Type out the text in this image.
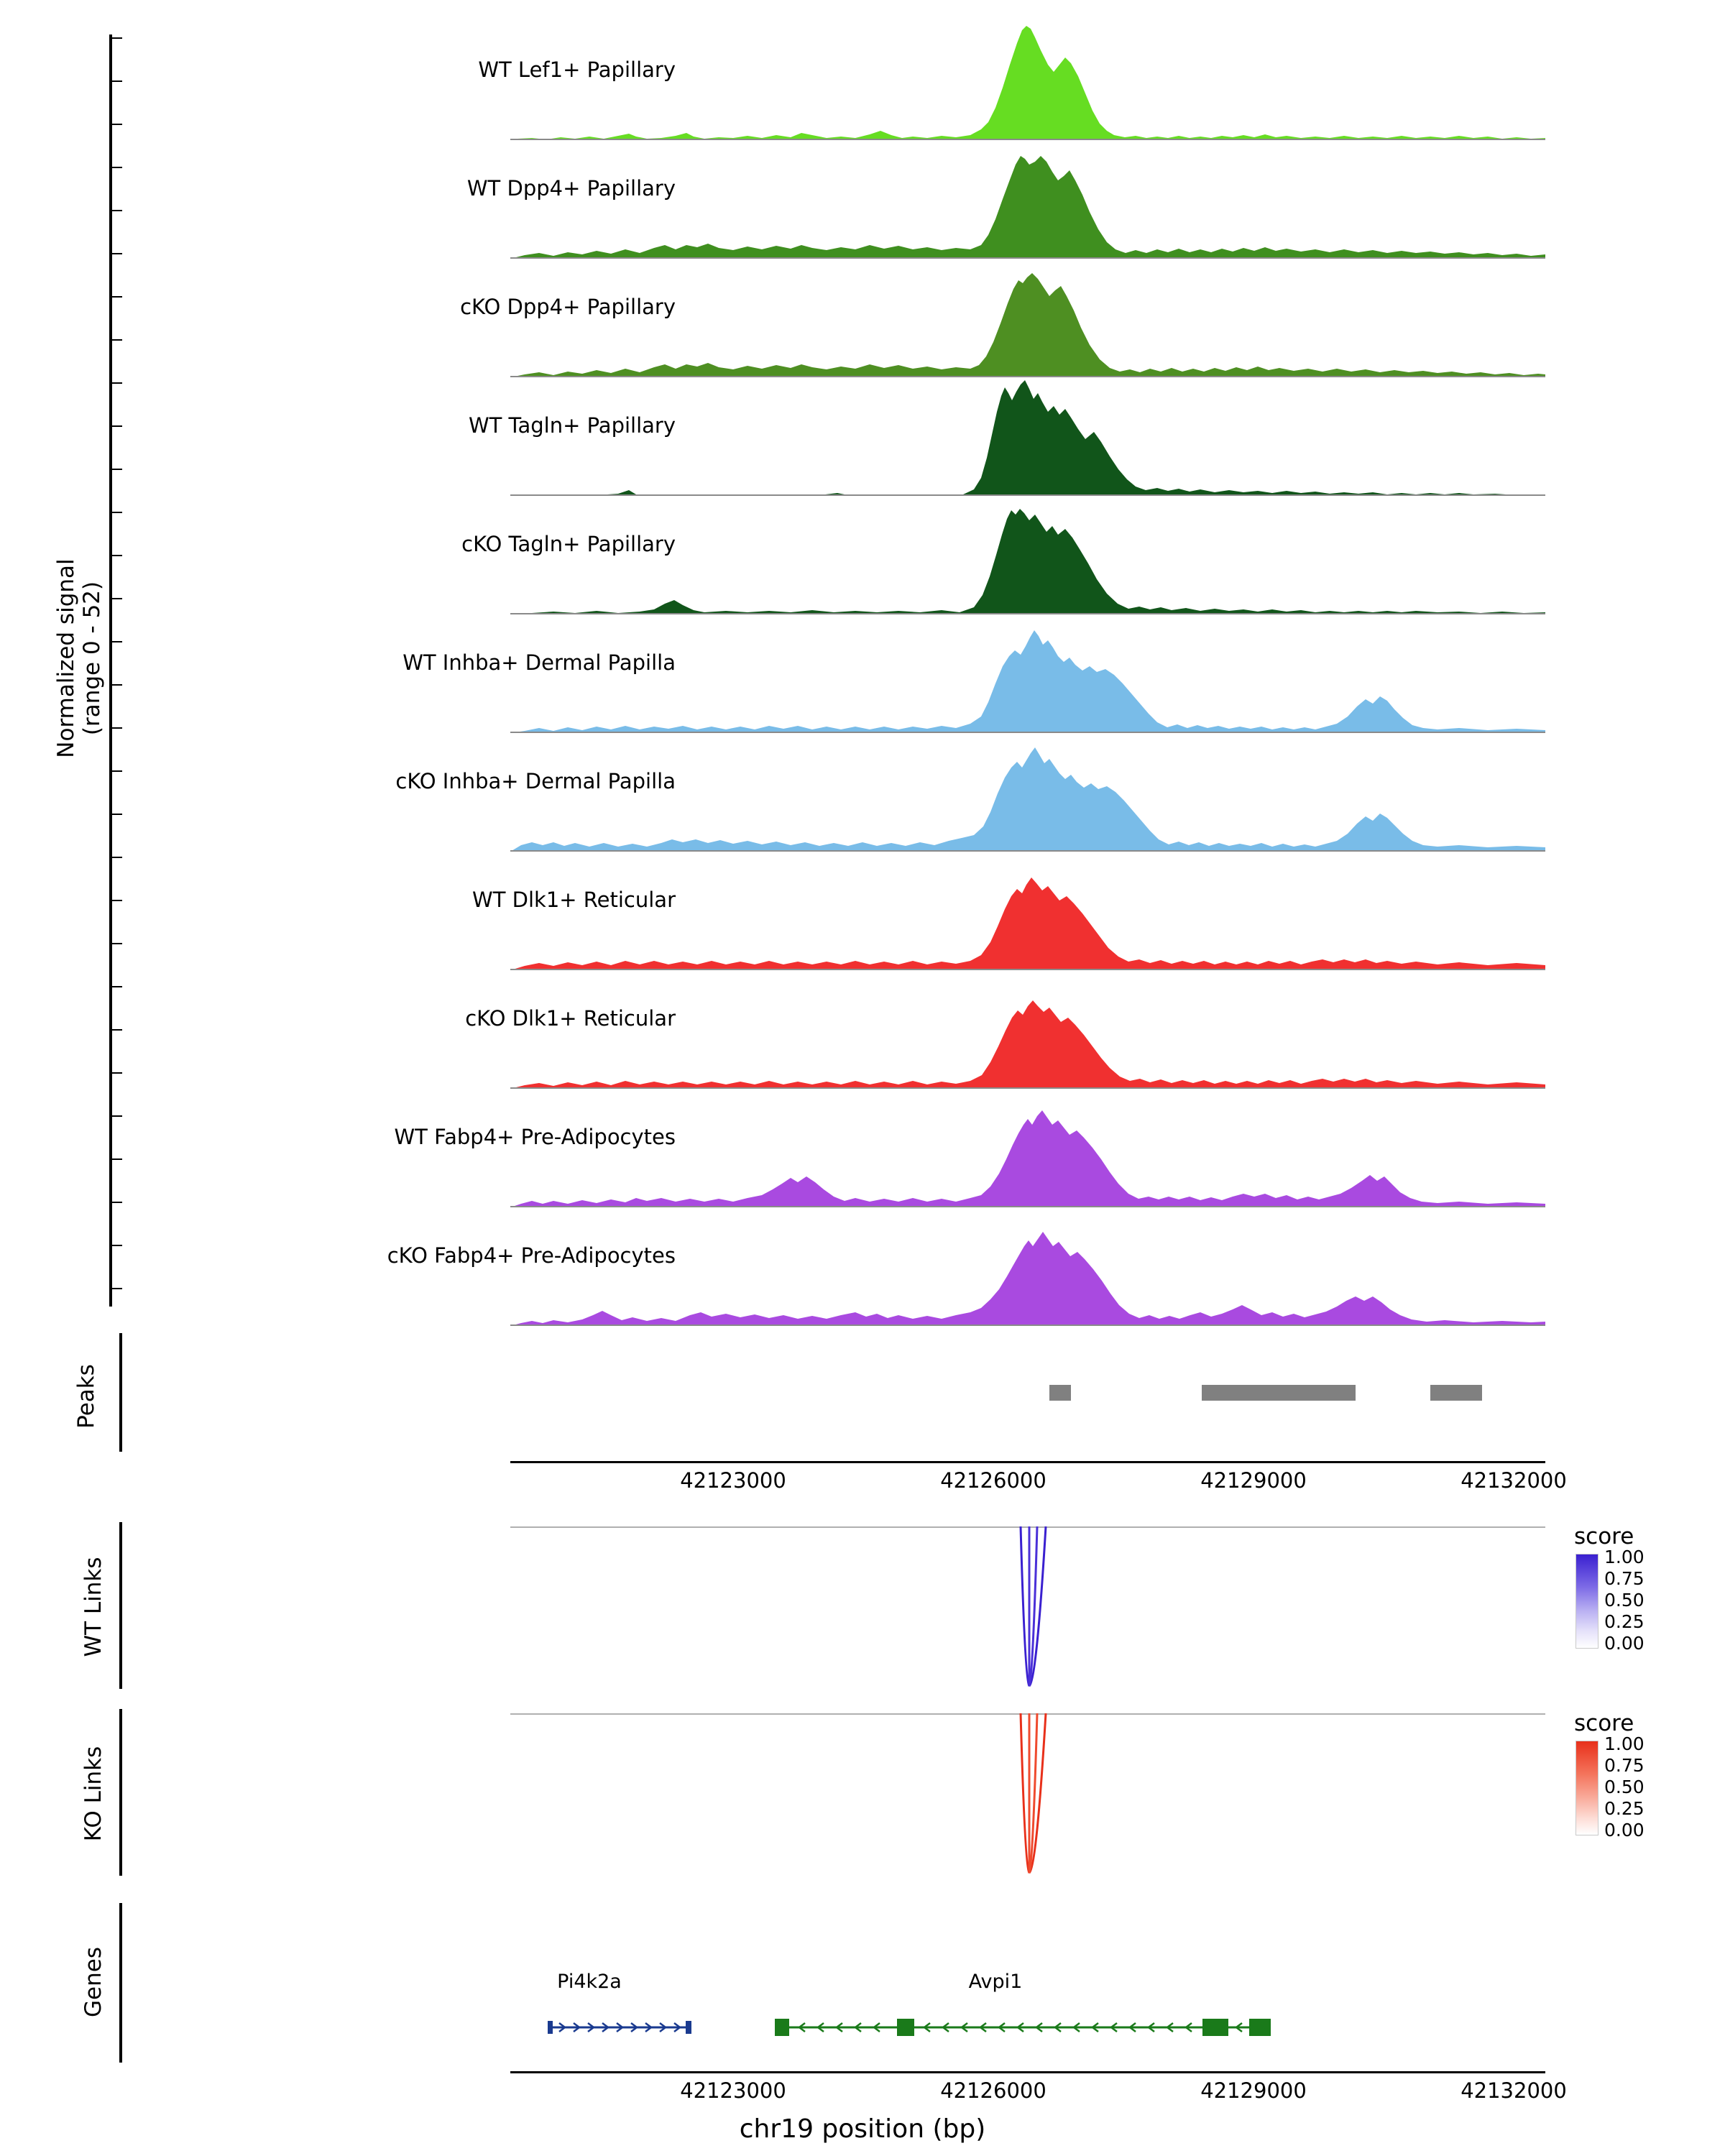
Normalized signal (range 0 - 52)
WT Lef1+ Papillary
WT Dpp4+ Papillary
cKO Dpp4+ Papillary
WT Tagln+ Papillary
cKO Tagln+ Papillary
WT Inhba+ Dermal Papilla
cKO Inhba+ Dermal Papilla
WT Dlk1+ Reticular
cKO Dlk1+ Reticular
WT Fabp4+ Pre-Adipocytes
cKO Fabp4+ Pre-Adipocytes
Peaks
42123000	42126000	42129000	42132000
WT Links
score
1.00
0.75
0.50
0.25
0.00
KO Links
score
1.00
0.75
0.50
0.25
0.00
Genes	Pi4k2a	Avpi1
42123000	42126000	42129000	42132000
chr19 position (bp)
